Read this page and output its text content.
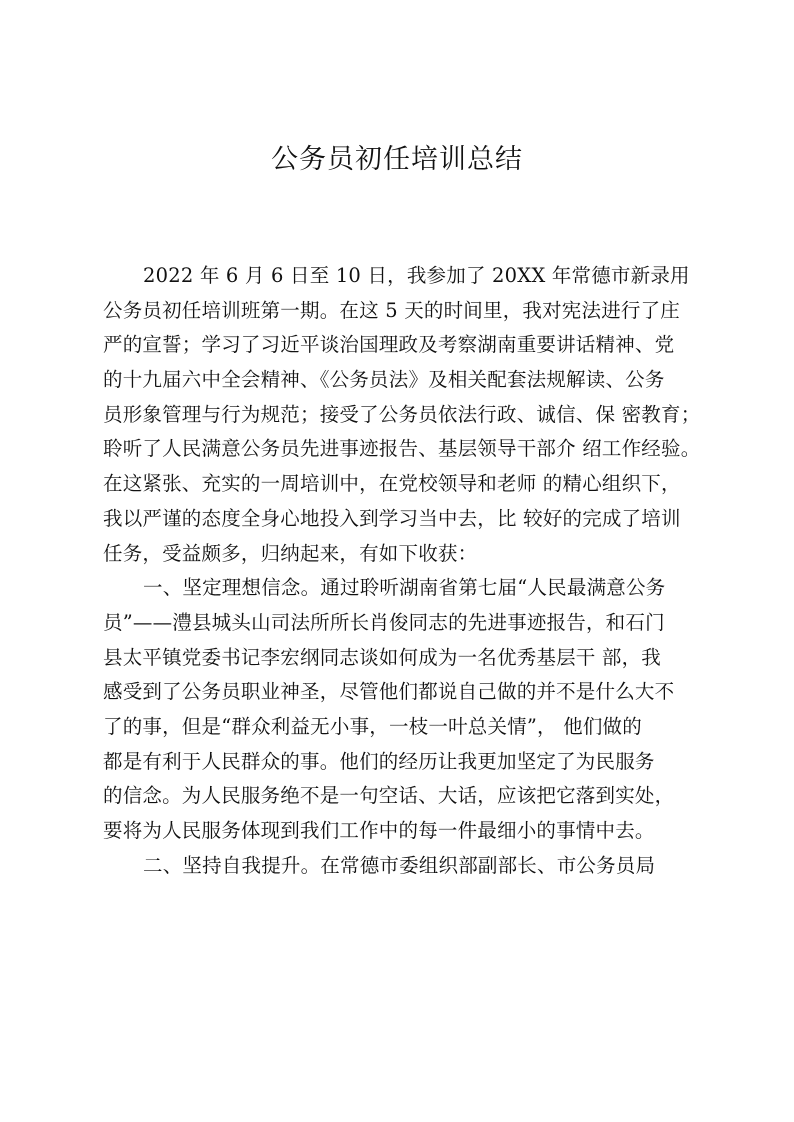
公务员初任培训总结
2022 年 6 月 6 日至 10 日，我参加了 20XX 年常德市新录用
公务员初任培训班第一期。在这 5 天的时间里，我对宪法进行了庄
严的宣誓；学习了习近平谈治国理政及考察湖南重要讲话精神、党
的十九届六中全会精神、《公务员法》及相关配套法规解读、公务
员形象管理与行为规范；接受了公务员依法行政、诚信、保 密教育；
聆听了人民满意公务员先进事迹报告、基层领导干部介 绍工作经验。
在这紧张、充实的一周培训中，在党校领导和老师 的精心组织下，
我以严谨的态度全身心地投入到学习当中去，比 较好的完成了培训
任务，受益颇多，归纳起来，有如下收获：
一、坚定理想信念。通过聆听湖南省第七届“人民最满意公务
员”——澧县城头山司法所所长肖俊同志的先进事迹报告，和石门
县太平镇党委书记李宏纲同志谈如何成为一名优秀基层干 部，我
感受到了公务员职业神圣，尽管他们都说自己做的并不是什么大不
了的事，但是“群众利益无小事，一枝一叶总关情”， 他们做的
都是有利于人民群众的事。他们的经历让我更加坚定了为民服务
的信念。为人民服务绝不是一句空话、大话，应该把它落到实处，
要将为人民服务体现到我们工作中的每一件最细小的事情中去。
二、坚持自我提升。在常德市委组织部副部长、市公务员局
